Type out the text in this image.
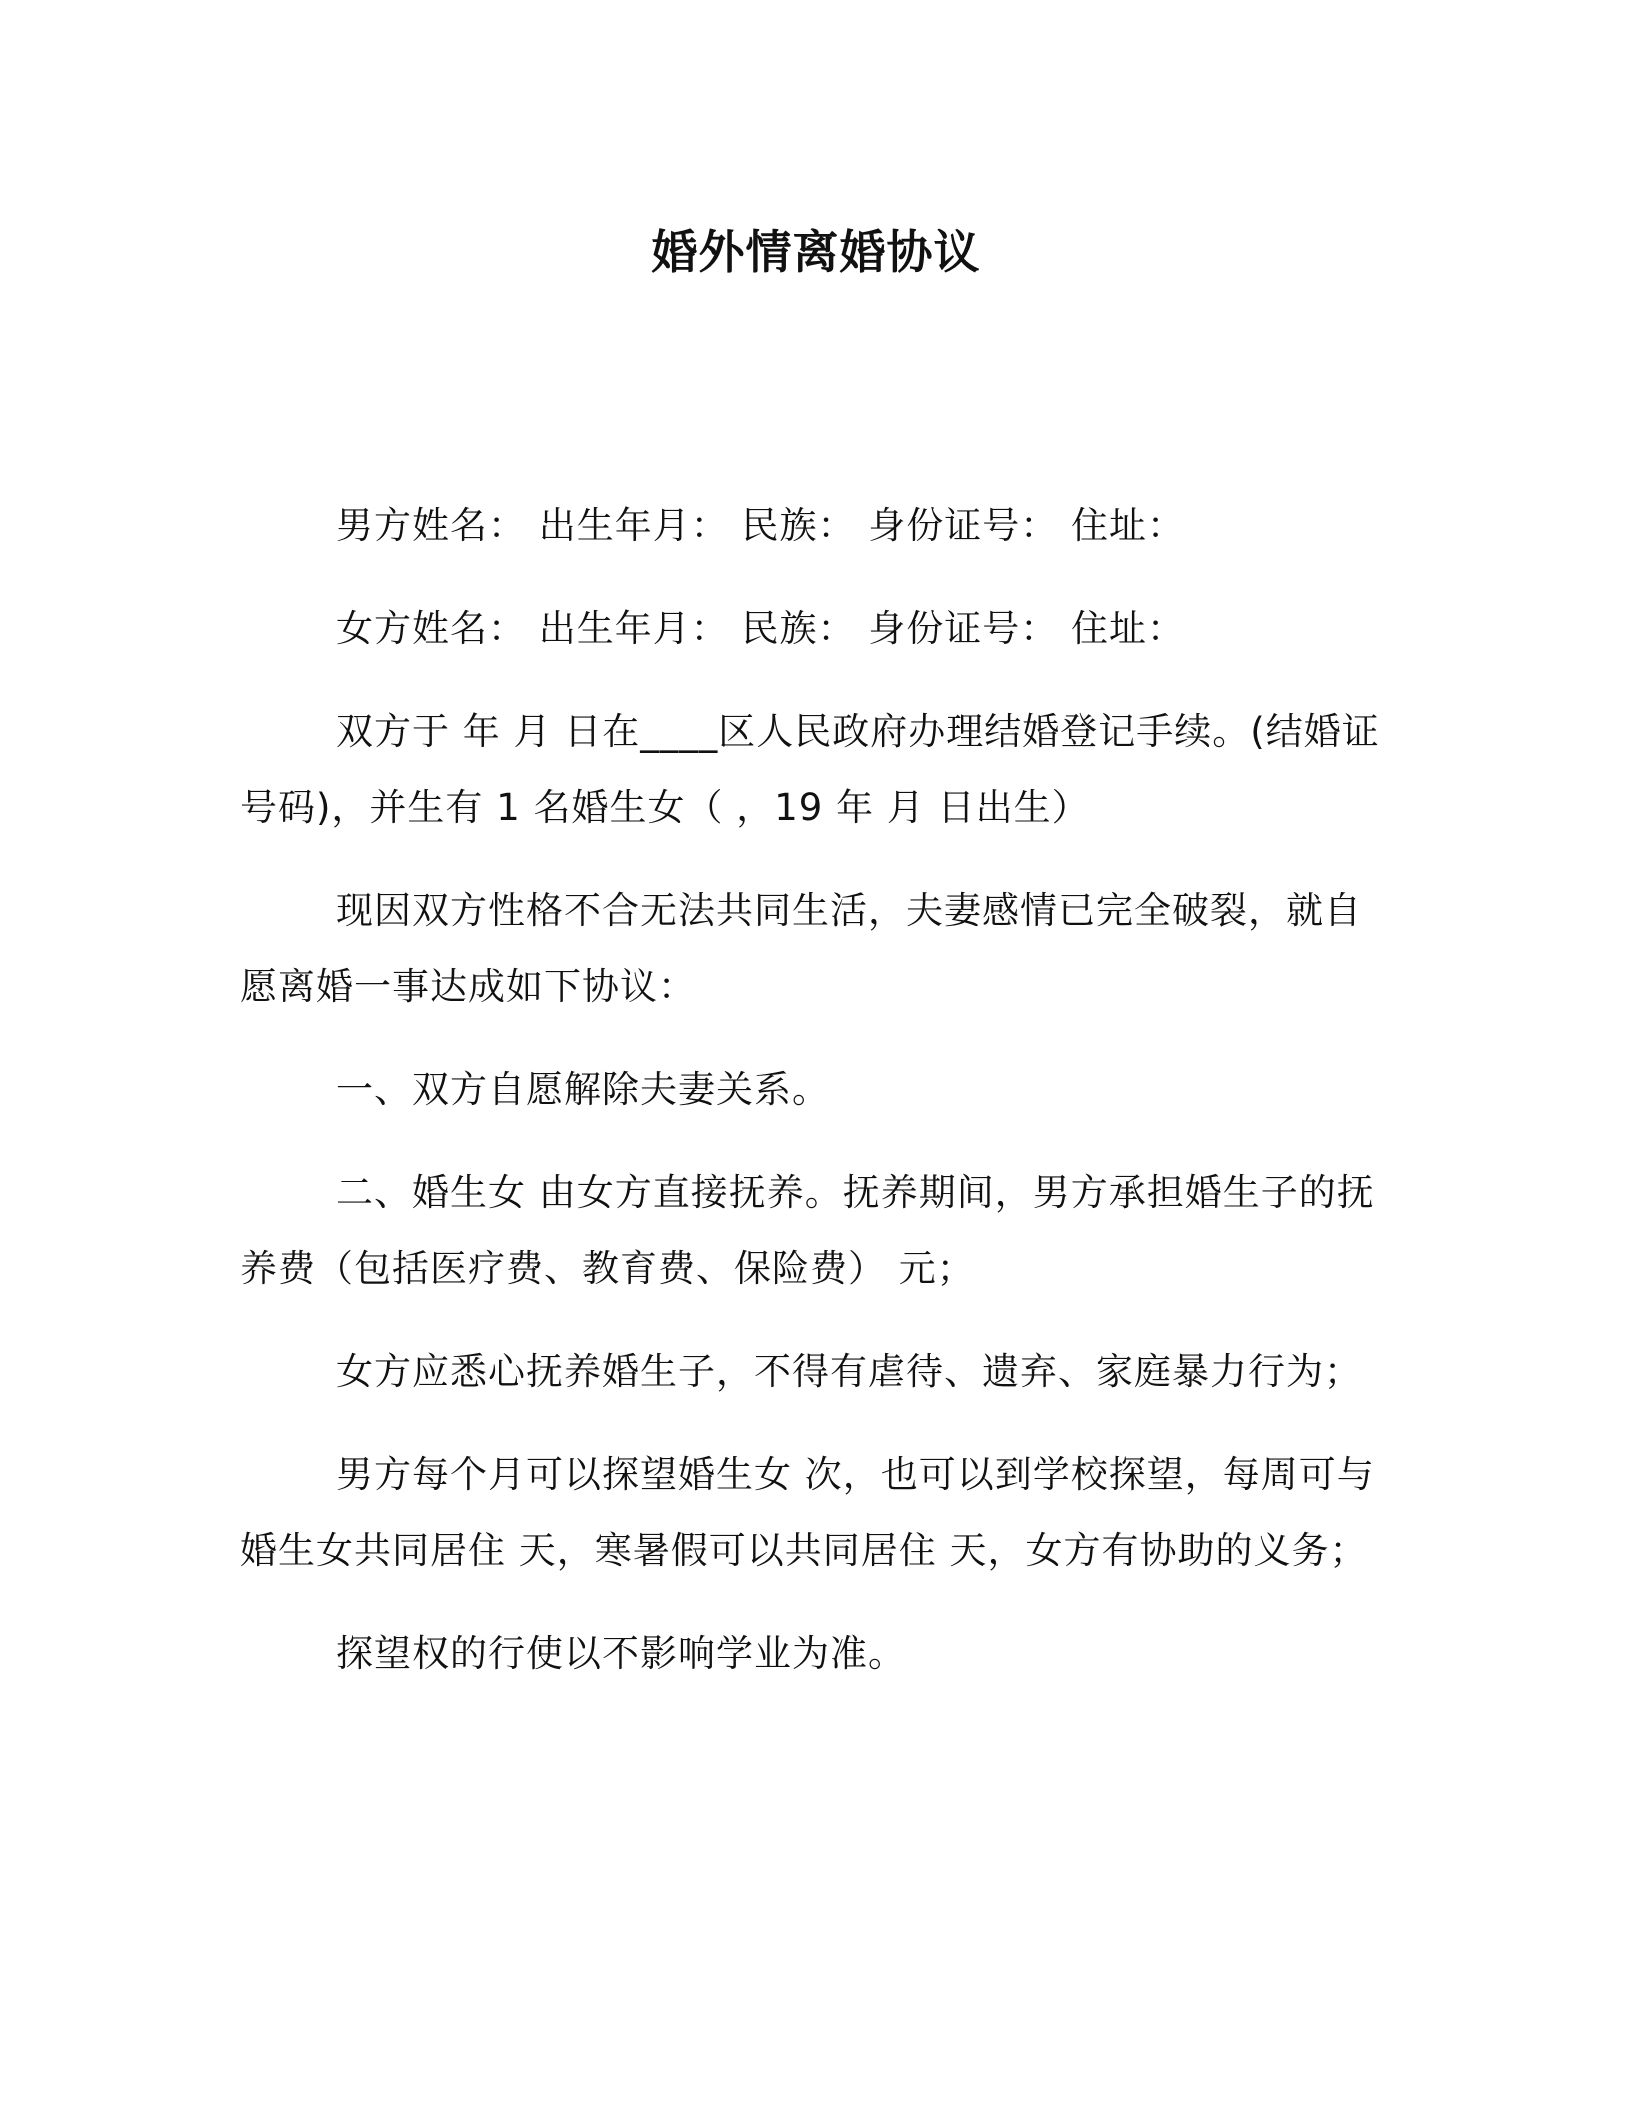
婚外情离婚协议

男方姓名： 出生年月： 民族： 身份证号： 住址：

女方姓名： 出生年月： 民族： 身份证号： 住址：

双方于 年 月 日在____区人民政府办理结婚登记手续。(结婚证号码)，并生有 1 名婚生女（ ，19 年 月 日出生）

现因双方性格不合无法共同生活，夫妻感情已完全破裂，就自愿离婚一事达成如下协议：

一、双方自愿解除夫妻关系。

二、婚生女 由女方直接抚养。抚养期间，男方承担婚生子的抚养费（包括医疗费、教育费、保险费） 元；

女方应悉心抚养婚生子，不得有虐待、遗弃、家庭暴力行为；

男方每个月可以探望婚生女 次，也可以到学校探望，每周可与婚生女共同居住 天，寒暑假可以共同居住 天，女方有协助的义务；

探望权的行使以不影响学业为准。
